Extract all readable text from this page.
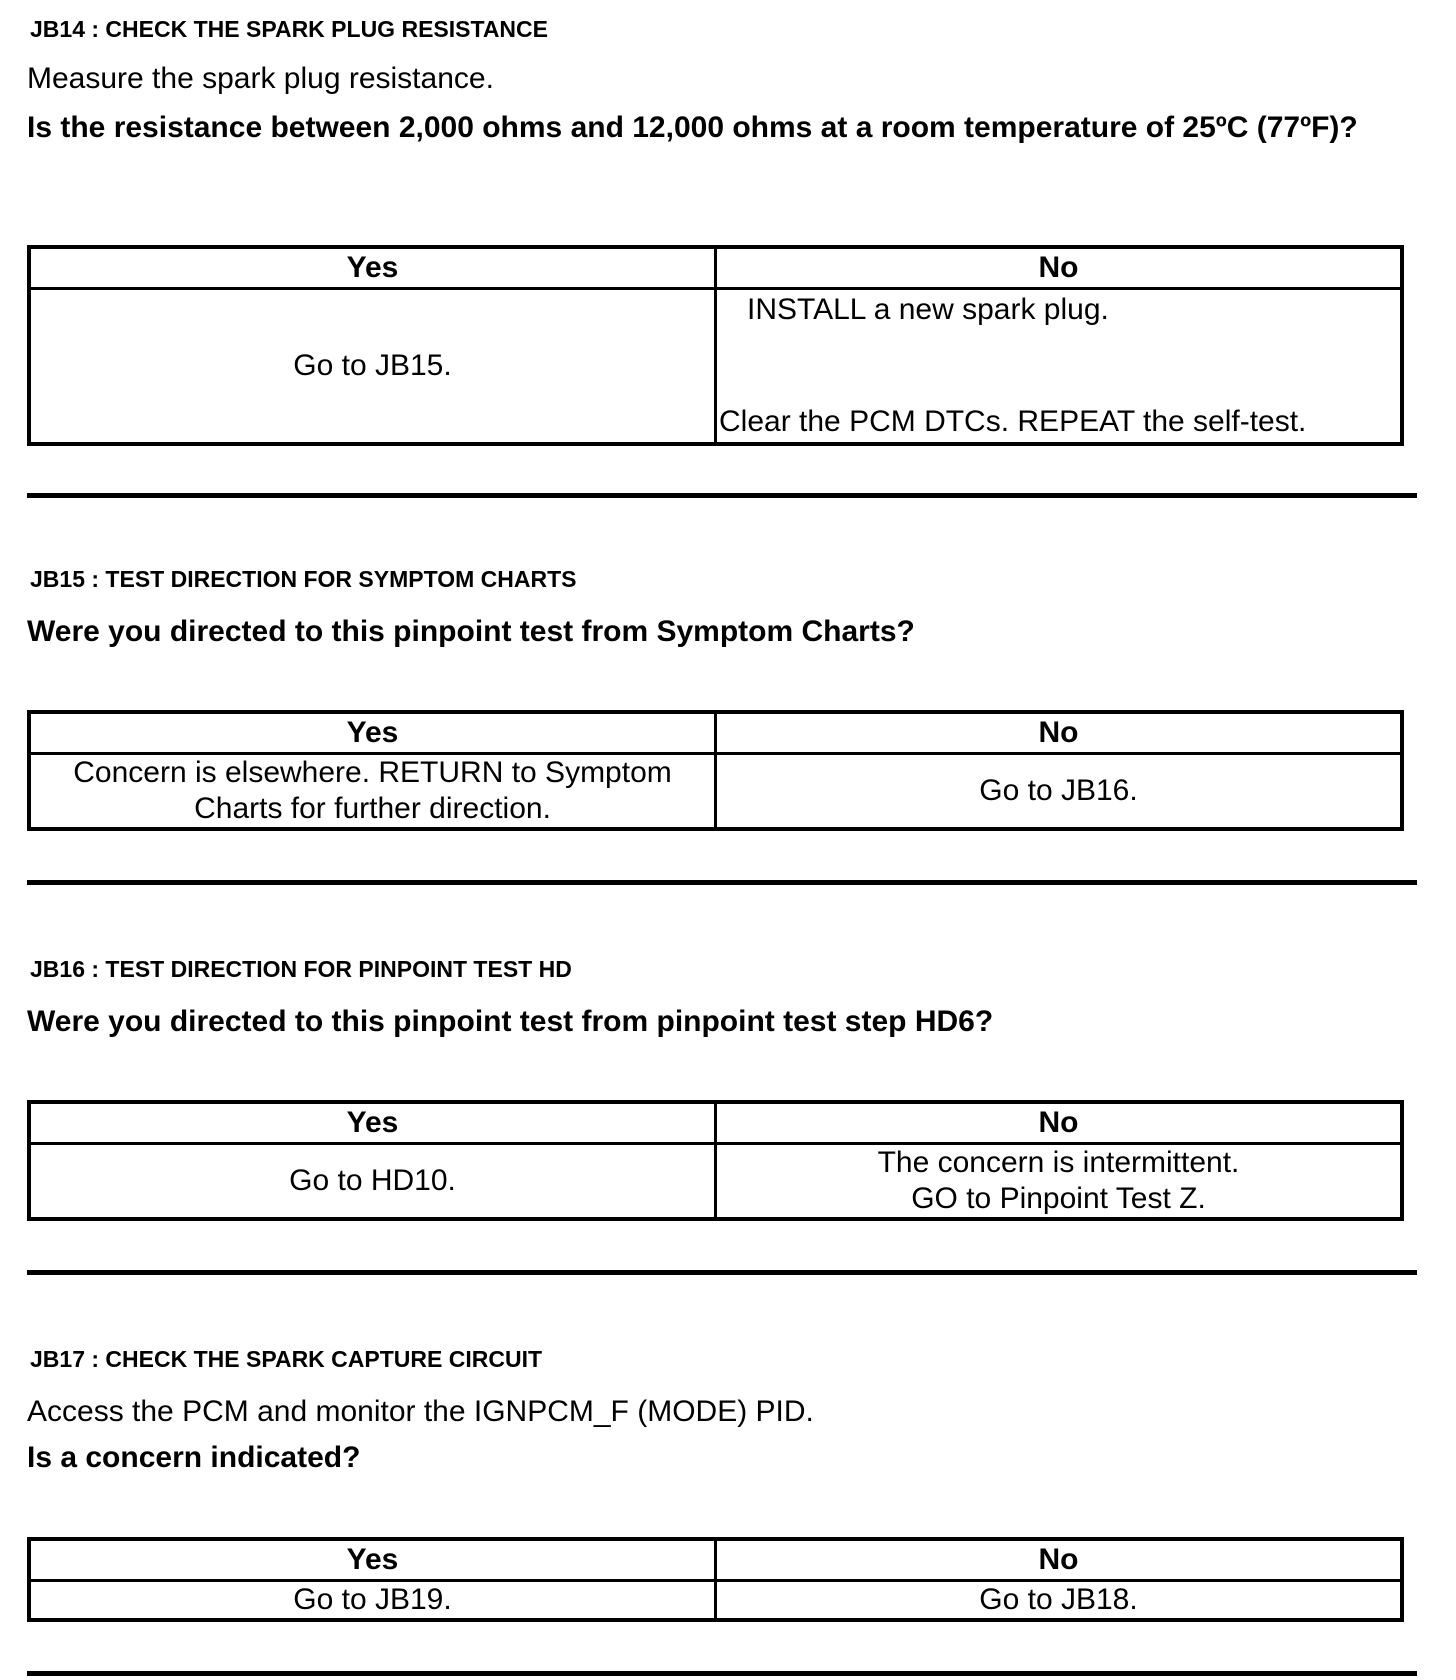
JB14 : CHECK THE SPARK PLUG RESISTANCE
Measure the spark plug resistance.
Is the resistance between 2,000 ohms and 12,000 ohms at a room temperature of 25ºC (77ºF)?
Yes	No
Go to JB15.	INSTALL a new spark plug.
Clear the PCM DTCs. REPEAT the self-test.
JB15 : TEST DIRECTION FOR SYMPTOM CHARTS
Were you directed to this pinpoint test from Symptom Charts?
Yes	No

Concern is elsewhere. RETURN to Symptom
Charts for further direction.	Go to JB16.
JB16 : TEST DIRECTION FOR PINPOINT TEST HD
Were you directed to this pinpoint test from pinpoint test step HD6?
Yes	No
Go to HD10.	The concern is intermittent.
GO to Pinpoint Test Z.
JB17 : CHECK THE SPARK CAPTURE CIRCUIT
Access the PCM and monitor the IGNPCM_F (MODE) PID.
Is a concern indicated?
Yes	No
Go to JB19.	Go to JB18.
